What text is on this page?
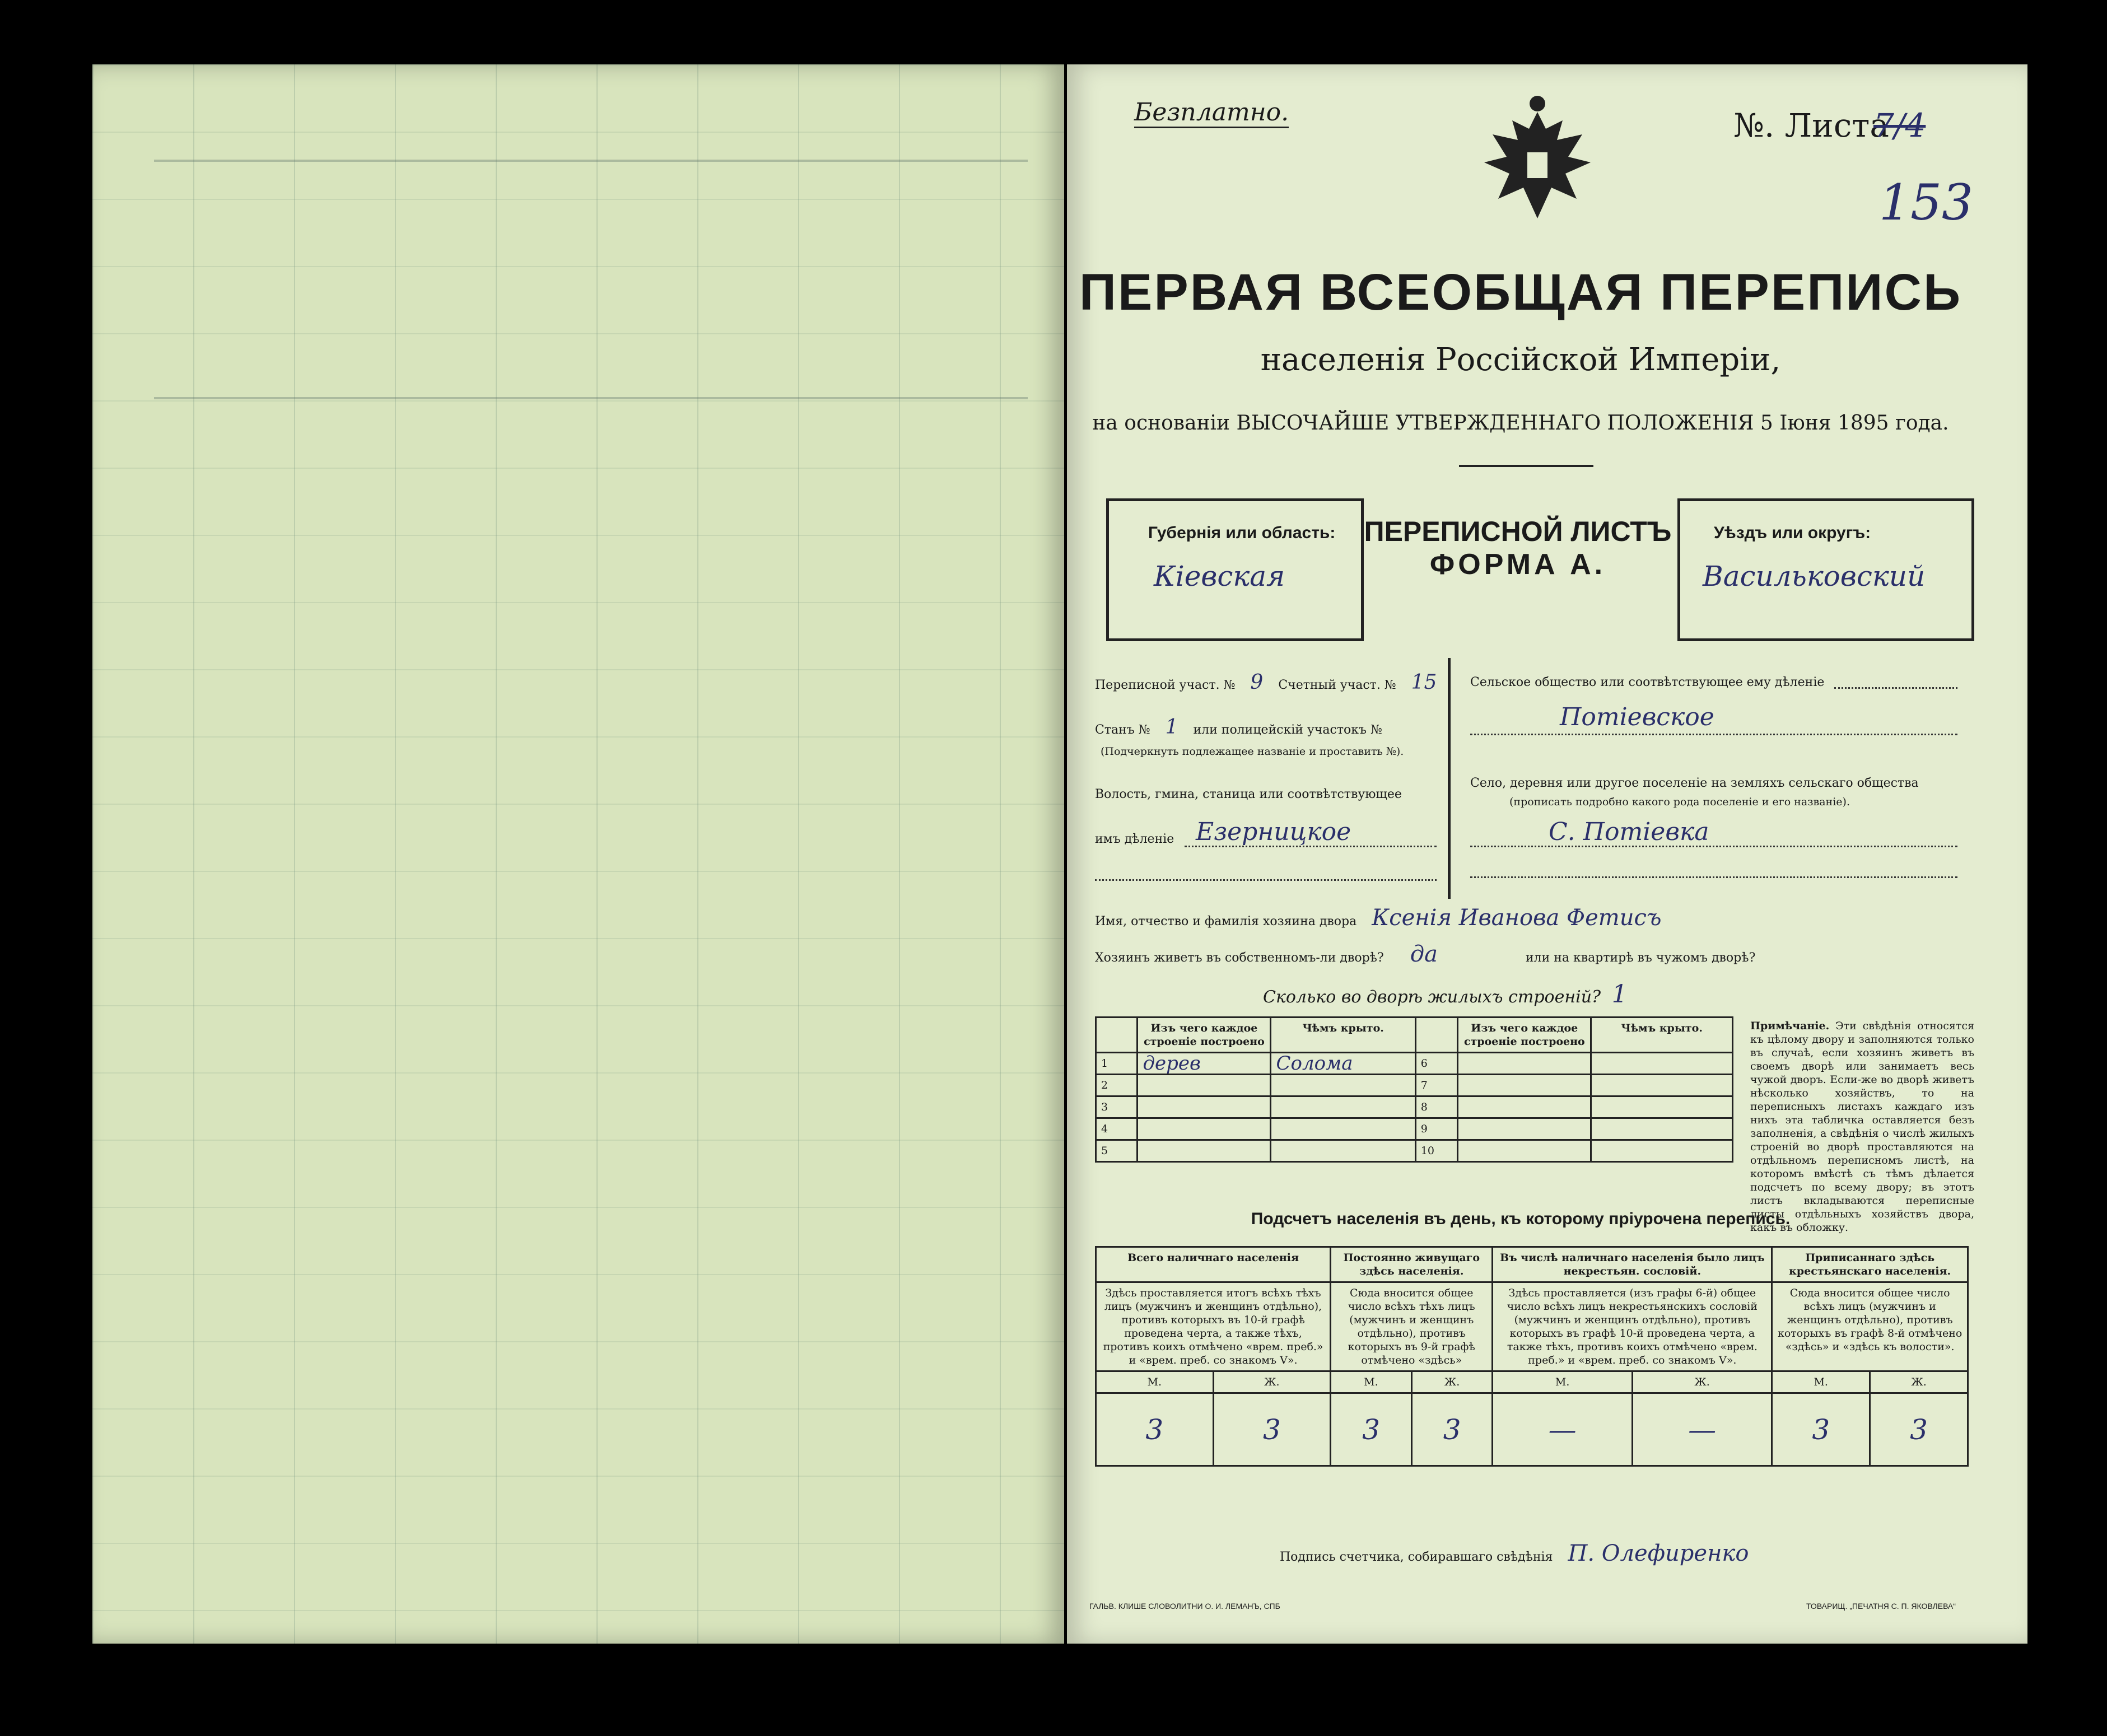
Безплатно.	№. Листа
7/4
153
ПЕРВАЯ ВСЕОБЩАЯ ПЕРЕПИСЬ
населенія Россійской Имперіи,
на основаніи ВЫСОЧАЙШЕ УТВЕРЖДЕННАГО ПОЛОЖЕНІЯ 5 Іюня 1895 года.
Губернія или область:
Кіевская
ПЕРЕПИСНОЙ ЛИСТЪ
ФОРМА А.
Уѣздъ или округъ:
Васильковский
Переписной участ. № 9 Счетный участ. № 15
Станъ № 1 или полицейскій участокъ №
(Подчеркнуть подлежащее названіе и проставить №).
Волость, гмина, станица или соотвѣтствующее
имъ дѣленіе Езерницкое
Сельское общество или соотвѣтствующее ему дѣленіе
Потіевское
Село, деревня или другое поселеніе на земляхъ сельскаго общества
(прописать подробно какого рода поселеніе и его названіе).
С. Потіевка
Имя, отчество и фамилія хозяина двора Ксенія Иванова Фетисъ
Хозяинъ живетъ въ собственномъ-ли дворѣ? да	или на квартирѣ въ чужомъ дворѣ?
Сколько во дворѣ жилыхъ строеній? 1
	Изъ чего каждое строеніе построено	Чѣмъ крыто.		Изъ чего каждое строеніе построено	Чѣмъ крыто.
1	дерев	Солома	6		
2			7		
3			8		
4			9		
5			10		
Примѣчаніе. Эти свѣдѣнія относятся къ цѣлому двору и заполняются только въ случаѣ, если хозяинъ живетъ въ своемъ дворѣ или занимаетъ весь чужой дворъ. Если-же во дворѣ живетъ нѣсколько хозяйствъ, то на переписныхъ листахъ каждаго изъ нихъ эта табличка оставляется безъ заполненія, а свѣдѣнія о числѣ жилыхъ строеній во дворѣ проставляются на отдѣльномъ переписномъ листѣ, на которомъ вмѣстѣ съ тѣмъ дѣлается подсчетъ по всему двору; въ этотъ листъ вкладываются переписные листы отдѣльныхъ хозяйствъ двора, какъ въ обложку.
Подсчетъ населенія въ день, къ которому пріурочена перепись.
Всего наличнаго населенія		Постоянно живущаго здѣсь населенія.		Въ числѣ наличнаго населенія было лицъ некрестьян. сословій.		Приписаннаго здѣсь крестьянскаго населенія.	
Здѣсь проставляется итогъ всѣхъ тѣхъ лицъ (мужчинъ и женщинъ отдѣльно), противъ которыхъ въ 10-й графѣ проведена черта, а также тѣхъ, противъ коихъ отмѣчено «врем. преб.» и «врем. преб. со знакомъ V».		Сюда вносится общее число всѣхъ тѣхъ лицъ (мужчинъ и женщинъ отдѣльно), противъ которыхъ въ 9-й графѣ отмѣчено «здѣсь»		Здѣсь проставляется (изъ графы 6-й) общее число всѣхъ лицъ некрестьянскихъ сословій (мужчинъ и женщинъ отдѣльно), противъ которыхъ въ графѣ 10-й проведена черта, а также тѣхъ, противъ коихъ отмѣчено «врем. преб.» и «врем. преб. со знакомъ V».		Сюда вносится общее число всѣхъ лицъ (мужчинъ и женщинъ отдѣльно), противъ которыхъ въ графѣ 8-й отмѣчено «здѣсь» и «здѣсь къ волости».	
М.	Ж.	М.	Ж.	М.	Ж.	М.	Ж.
3	3	3	3	—	—	3	3
Подпись счетчика, собиравшаго свѣдѣнія П. Олефиренко
ГАЛЬВ. КЛИШЕ СЛОВОЛИТНИ О. И. ЛЕМАНЪ, СПБ	ТОВАРИЩ. „ПЕЧАТНЯ С. П. ЯКОВЛЕВА“
